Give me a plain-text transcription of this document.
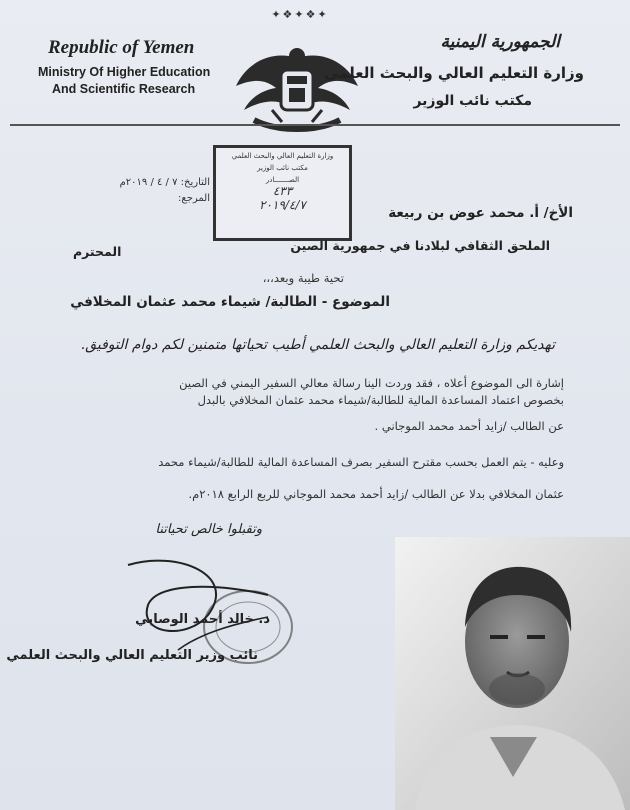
✦❖✦❖✦
Republic of Yemen
Ministry Of Higher Education
And Scientific Research
الجمهورية اليمنية
وزارة التعليم العالي والبحث العلمي
مكتب نائب الوزير
وزارة التعليم العالي والبحث العلمي
مكتب نائب الوزير
الصـــــــادر
٤٣٣
٢٠١٩/٤/٧
التاريخ: ٧ / ٤ / ٢٠١٩م
المرجع:
الأخ/ أ. محمد عوض بن ربيعة
الملحق الثقافي لبلادنا في جمهورية الصين
المحترم
تحية طيبة وبعد،،،
الموضوع - الطالبة/ شيماء محمد عثمان المخلافي
تهديكم وزارة التعليم العالي والبحث العلمي أطيب تحياتها متمنين لكم دوام التوفيق.
إشارة الى الموضوع أعلاه ، فقد وردت الينا رسالة معالي السفير اليمني في الصين
بخصوص اعتماد المساعدة المالية للطالبة/شيماء محمد عثمان المخلافي بالبدل
عن الطالب /زايد أحمد محمد الموجاني .
وعليه - يتم العمل بحسب مقترح السفير بصرف المساعدة المالية للطالبة/شيماء محمد
عثمان المخلافي بدلا عن الطالب /زايد أحمد محمد الموجاني للربع الرابع ٢٠١٨م.
وتقبلوا خالص تحياتنا
د. خالد أحمد الوصابي
نائب وزير التعليم العالي والبحث العلمي
